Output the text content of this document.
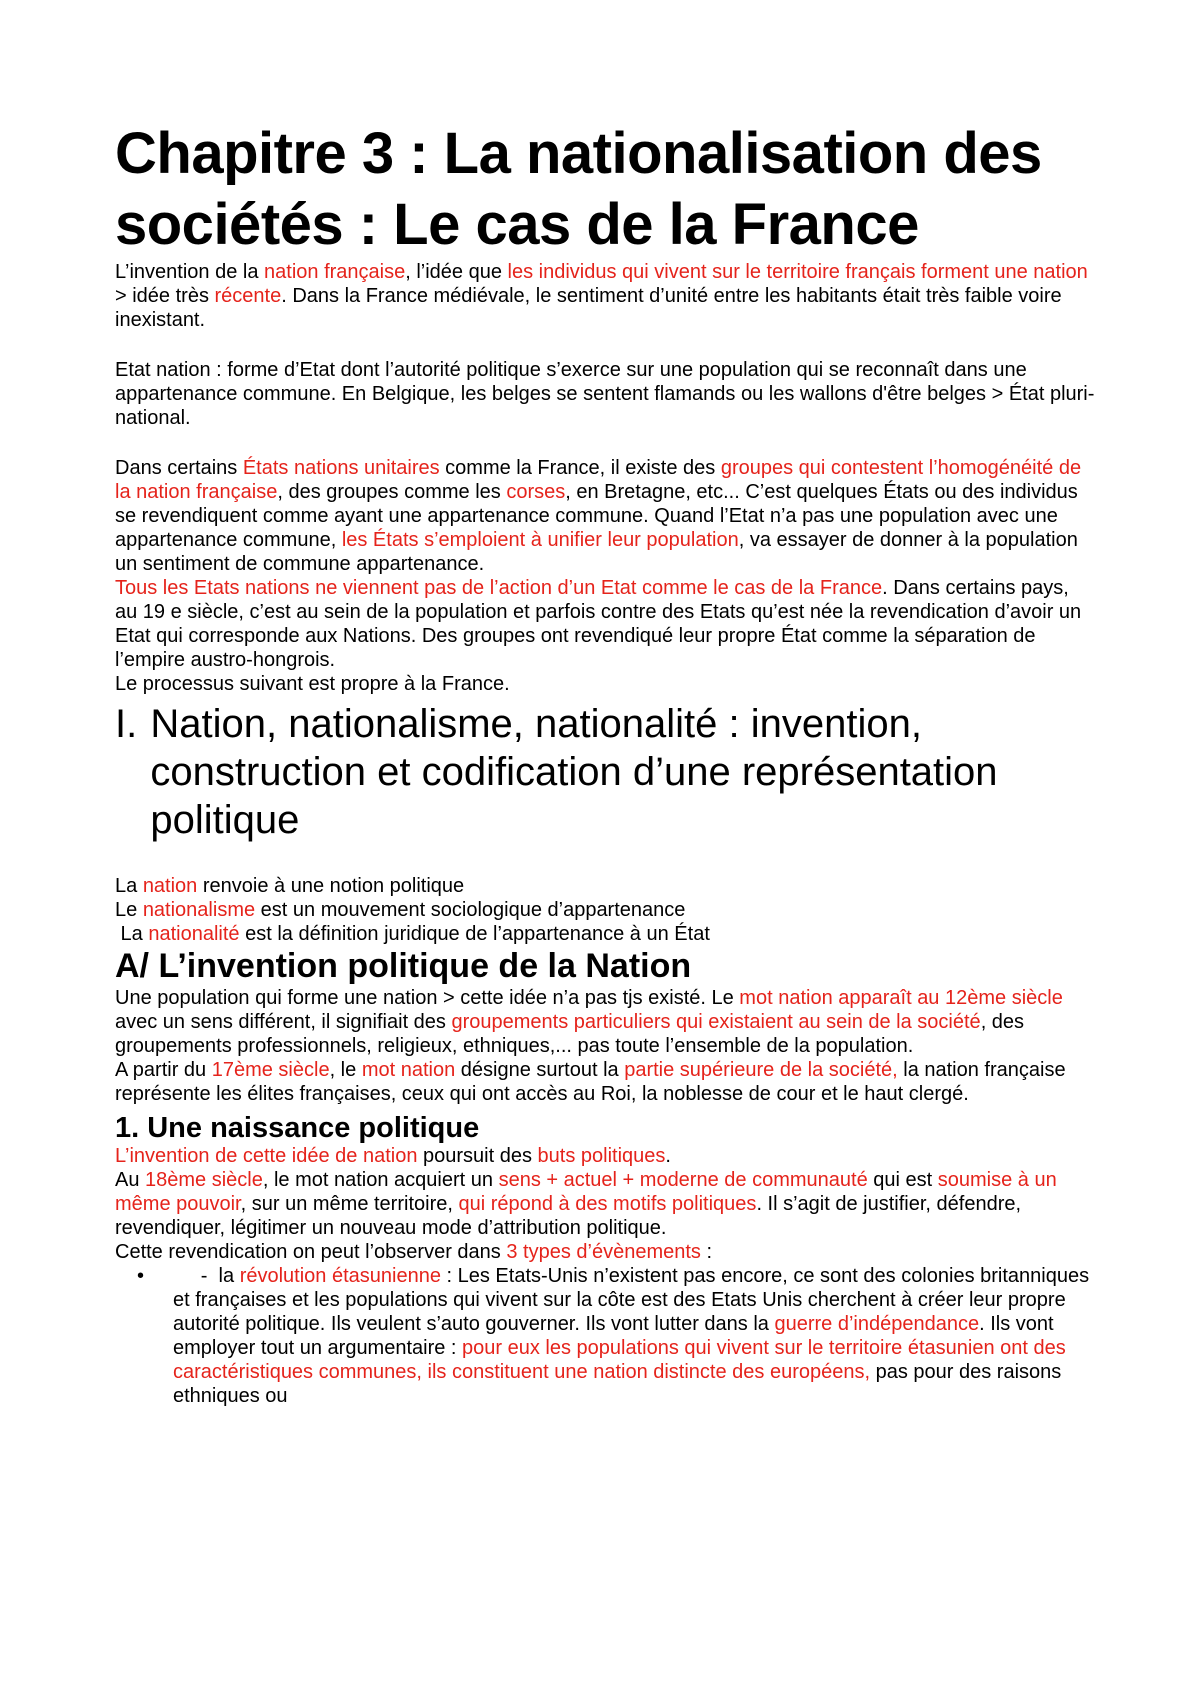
Chapitre 3 : La nationalisation des sociétés : Le cas de la France

L’invention de la nation française, l’idée que les individus qui vivent sur le territoire français forment une nation > idée très récente. Dans la France médiévale, le sentiment d’unité entre les habitants était très faible voire inexistant.

Etat nation : forme d’Etat dont l’autorité politique s’exerce sur une population qui se reconnaît dans une appartenance commune. En Belgique, les belges se sentent flamands ou les wallons d'être belges > État pluri-national.

Dans certains États nations unitaires comme la France, il existe des groupes qui contestent l’homogénéité de la nation française, des groupes comme les corses, en Bretagne, etc... C’est quelques États ou des individus se revendiquent comme ayant une appartenance commune. Quand l’Etat n’a pas une population avec une appartenance commune, les États s’emploient à unifier leur population, va essayer de donner à la population un sentiment de commune appartenance.

Tous les Etats nations ne viennent pas de l’action d’un Etat comme le cas de la France. Dans certains pays, au 19 e siècle, c’est au sein de la population et parfois contre des Etats qu’est née la revendication d’avoir un Etat qui corresponde aux Nations. Des groupes ont revendiqué leur propre État comme la séparation de l’empire austro-hongrois.

Le processus suivant est propre à la France.

I. Nation, nationalisme, nationalité : invention, construction et codification d’une représentation politique

La nation renvoie à une notion politique

Le nationalisme est un mouvement sociologique d’appartenance

La nationalité est la définition juridique de l’appartenance à un État

A/ L’invention politique de la Nation

Une population qui forme une nation > cette idée n’a pas tjs existé. Le mot nation apparaît au 12ème siècle avec un sens différent, il signifiait des groupements particuliers qui existaient au sein de la société, des groupements professionnels, religieux, ethniques,... pas toute l’ensemble de la population.

A partir du 17ème siècle, le mot nation désigne surtout la partie supérieure de la société, la nation française représente les élites françaises, ceux qui ont accès au Roi, la noblesse de cour et le haut clergé.

1. Une naissance politique

L’invention de cette idée de nation poursuit des buts politiques.

Au 18ème siècle, le mot nation acquiert un sens + actuel + moderne de communauté qui est soumise à un même pouvoir, sur un même territoire, qui répond à des motifs politiques. Il s’agit de justifier, défendre, revendiquer, légitimer un nouveau mode d’attribution politique.

Cette revendication on peut l’observer dans 3 types d’évènements :

•	-  la révolution étasunienne : Les Etats-Unis n’existent pas encore, ce sont des colonies britanniques et françaises et les populations qui vivent sur la côte est des Etats Unis cherchent à créer leur propre autorité politique. Ils veulent s’auto gouverner. Ils vont lutter dans la guerre d’indépendance. Ils vont employer tout un argumentaire : pour eux les populations qui vivent sur le territoire étasunien ont des caractéristiques communes, ils constituent une nation distincte des européens, pas pour des raisons ethniques ou
